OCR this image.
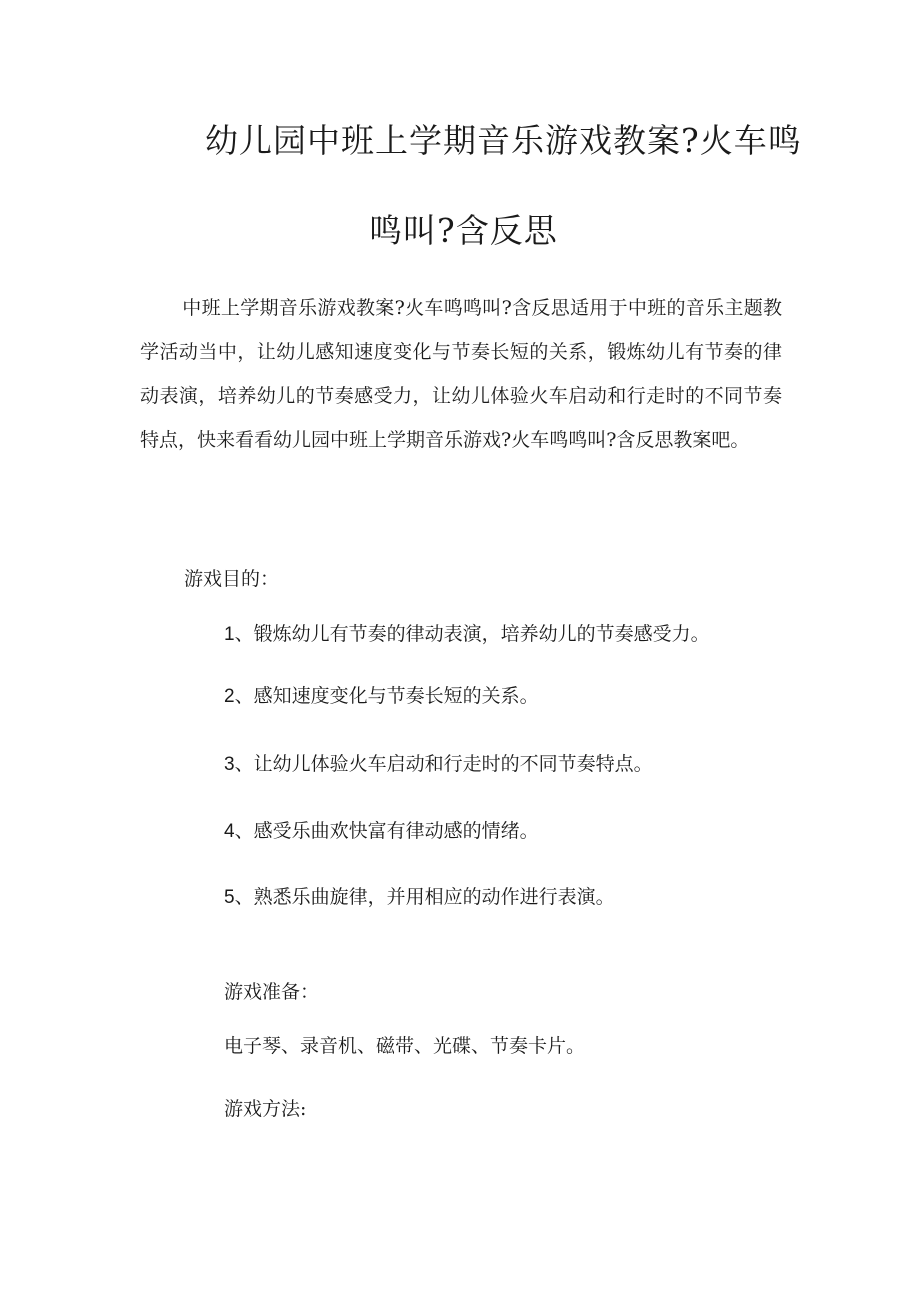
幼儿园中班上学期音乐游戏教案?火车鸣
鸣叫?含反思
中班上学期音乐游戏教案?火车鸣鸣叫?含反思适用于中班的音乐主题教学活动当中，让幼儿感知速度变化与节奏长短的关系，锻炼幼儿有节奏的律动表演，培养幼儿的节奏感受力，让幼儿体验火车启动和行走时的不同节奏特点，快来看看幼儿园中班上学期音乐游戏?火车鸣鸣叫?含反思教案吧。
游戏目的：
1、锻炼幼儿有节奏的律动表演，培养幼儿的节奏感受力。
2、感知速度变化与节奏长短的关系。
3、让幼儿体验火车启动和行走时的不同节奏特点。
4、感受乐曲欢快富有律动感的情绪。
5、熟悉乐曲旋律，并用相应的动作进行表演。
游戏准备：
电子琴、录音机、磁带、光碟、节奏卡片。
游戏方法:
